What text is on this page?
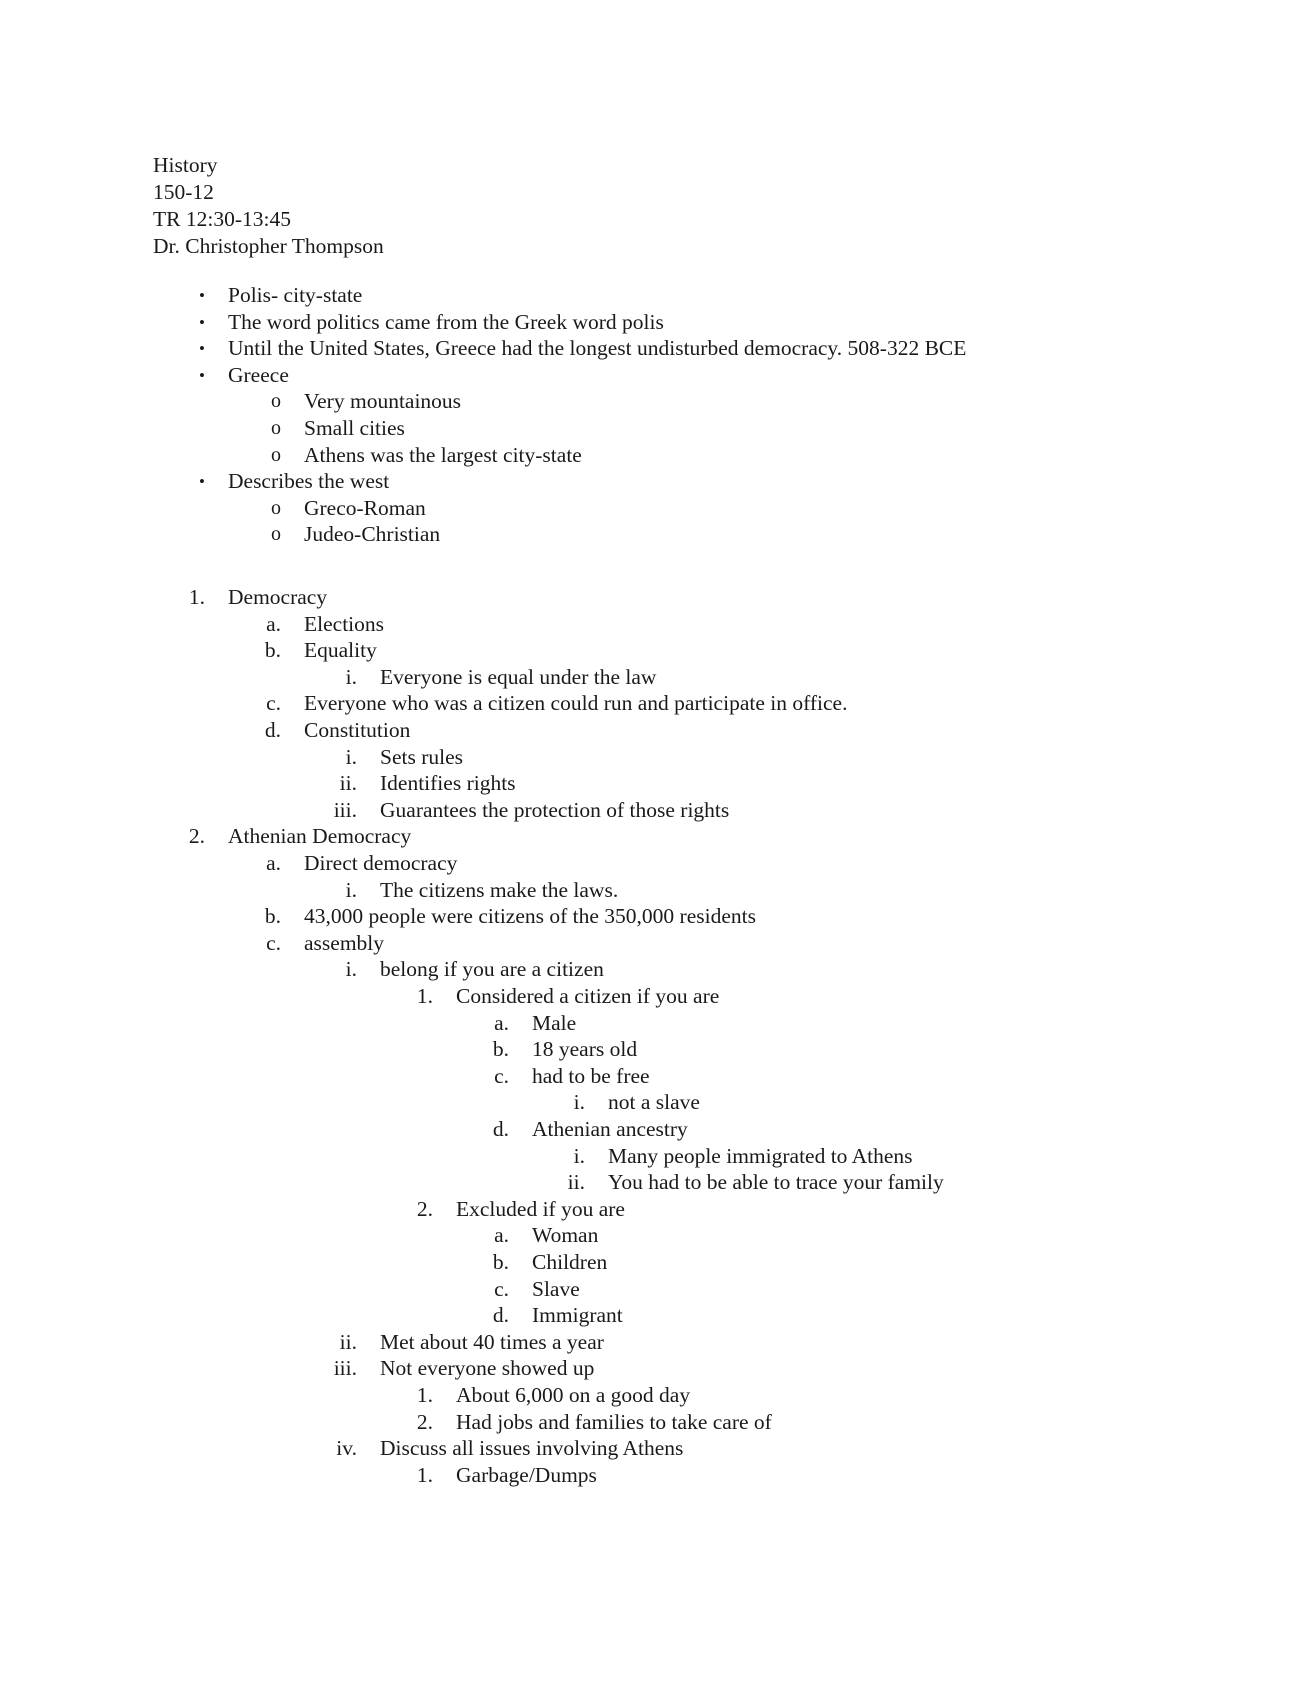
History
150-12
TR 12:30-13:45
Dr. Christopher Thompson
• Polis- city-state
• The word politics came from the Greek word polis
• Until the United States, Greece had the longest undisturbed democracy. 508-322 BCE
• Greece
o Very mountainous
o Small cities
o Athens was the largest city-state
• Describes the west
o Greco-Roman
o Judeo-Christian
1. Democracy
a. Elections
b. Equality
i. Everyone is equal under the law
c. Everyone who was a citizen could run and participate in office.
d. Constitution
i. Sets rules
ii. Identifies rights
iii. Guarantees the protection of those rights
2. Athenian Democracy
a. Direct democracy
i. The citizens make the laws.
b. 43,000 people were citizens of the 350,000 residents
c. assembly
i. belong if you are a citizen
1. Considered a citizen if you are
a. Male
b. 18 years old
c. had to be free
i. not a slave
d. Athenian ancestry
i. Many people immigrated to Athens
ii. You had to be able to trace your family
2. Excluded if you are
a. Woman
b. Children
c. Slave
d. Immigrant
ii. Met about 40 times a year
iii. Not everyone showed up
1. About 6,000 on a good day
2. Had jobs and families to take care of
iv. Discuss all issues involving Athens
1. Garbage/Dumps
